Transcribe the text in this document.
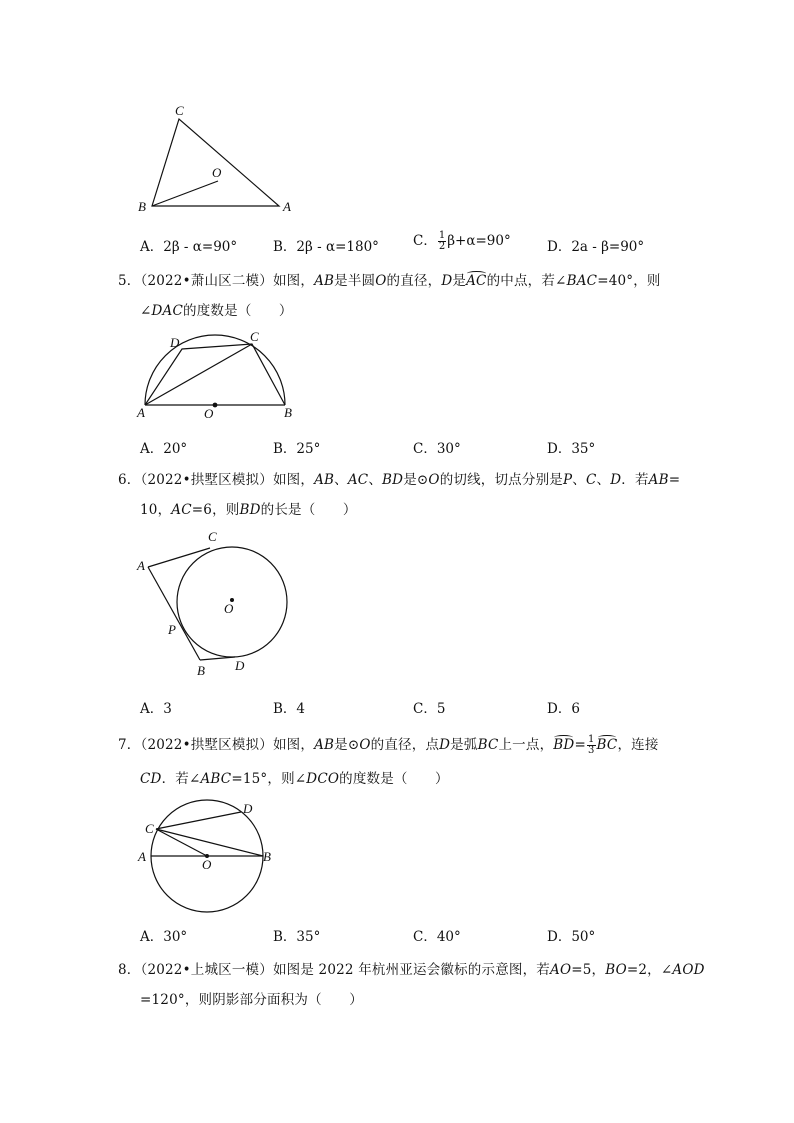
C
O
B	A
A．2β - α=90°	B．2β - α=180°	C． $\frac{1}{2} \beta+\alpha=90^\circ$	D．2a - β=90°
5．（2022•萧山区二模）如图，AB是半圆O的直径，D是AC的中点，若∠BAC=40°，则
∠DAC的度数是（　　）
D	C
A	O	B
A．20°	B．25°	C．30°	D．35°
6．（2022•拱墅区模拟）如图，AB、AC、BD是⊙O的切线，切点分别是P、C、D．若AB=
10，AC=6，则BD的长是（　　）
C
A
O
P
B D
A．3	B．4	C．5	D．6
7．（2022•拱墅区模拟）如图，AB是⊙O的直径，点D是弧BC上一点，$BD= \frac{1}{3}$ BC，连接
CD．若∠ABC=15°，则∠DCO的度数是（　　）
D
C
A
O
B
A．30°	B．35°	C．40°	D．50°
8．（2022•上城区一模）如图是 2022 年杭州亚运会徽标的示意图，若AO=5，BO=2，∠AOD
=120°，则阴影部分面积为（　　）
